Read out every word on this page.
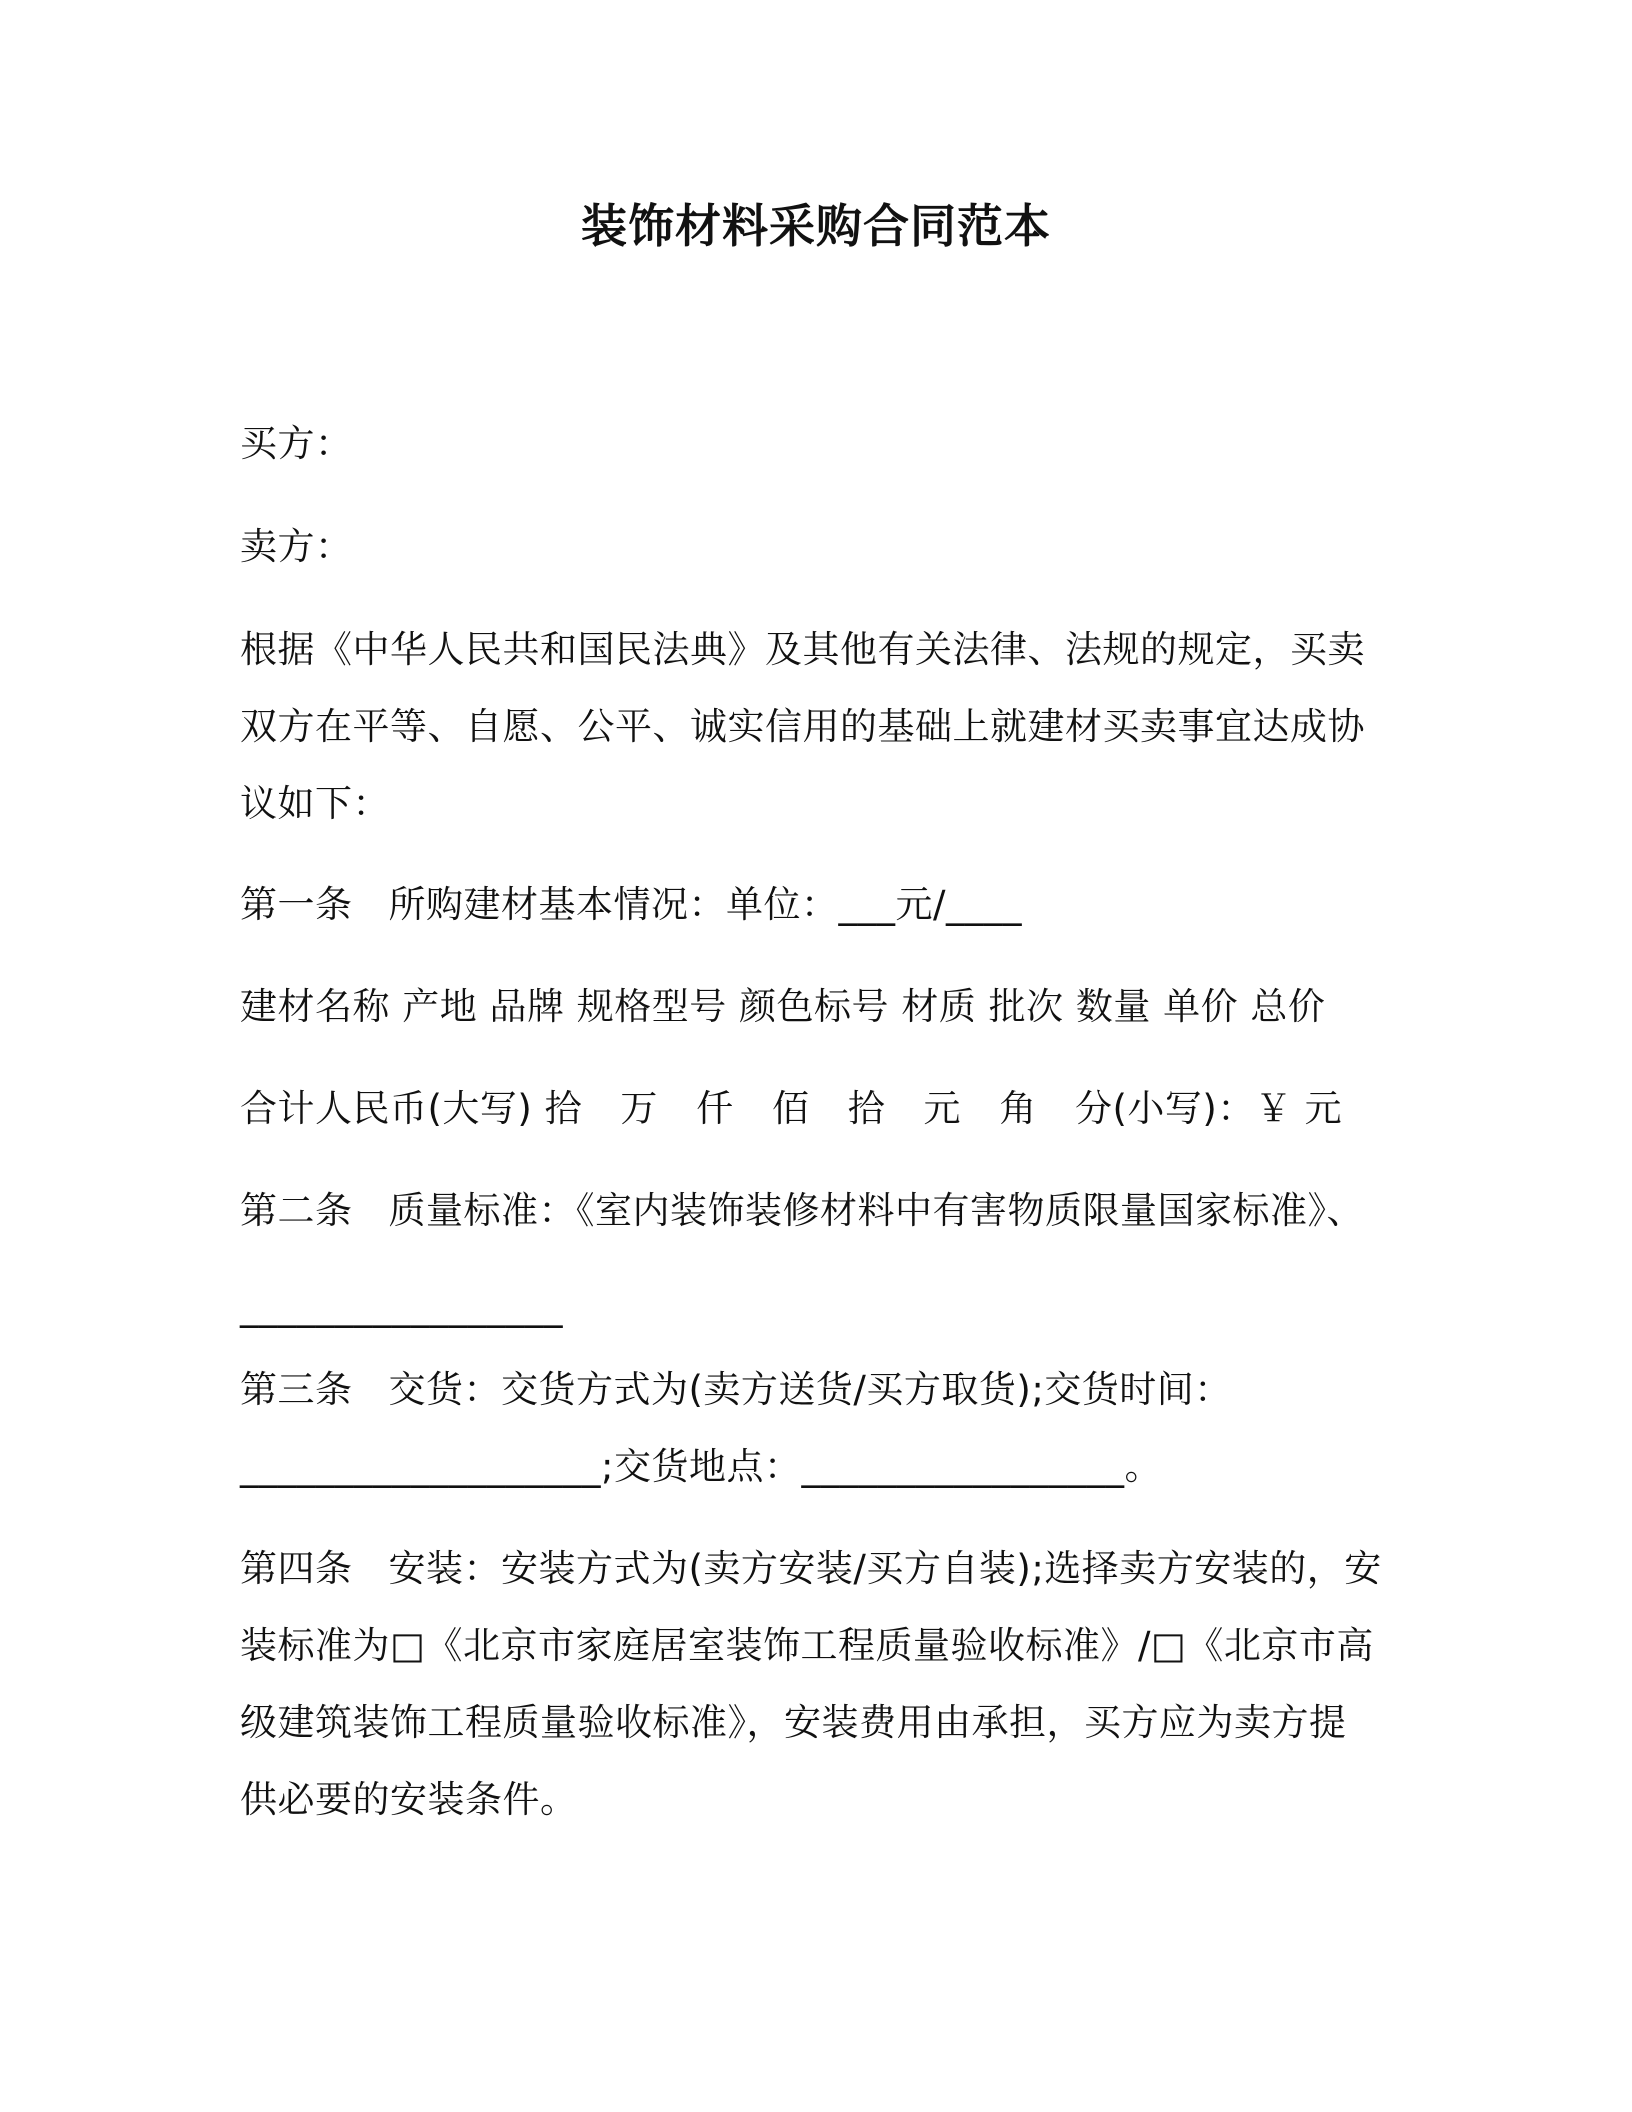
装饰材料采购合同范本
买方：
卖方：
根据《中华人民共和国民法典》及其他有关法律、法规的规定，买卖
双方在平等、自愿、公平、诚实信用的基础上就建材买卖事宜达成协
议如下：
第一条 所购建材基本情况：单位：___元/____
建材名称 产地 品牌 规格型号 颜色标号 材质 批次 数量 单价 总价
合计人民币(大写) 拾 万 仟 佰 拾 元 角 分(小写)：￥ 元
第二条 质量标准：《室内装饰装修材料中有害物质限量国家标准》、
_________________
第三条 交货：交货方式为(卖方送货/买方取货);交货时间：
___________________;交货地点：_________________。
第四条 安装：安装方式为(卖方安装/买方自装);选择卖方安装的，安
装标准为□《北京市家庭居室装饰工程质量验收标准》/□《北京市高
级建筑装饰工程质量验收标准》，安装费用由承担，买方应为卖方提
供必要的安装条件。
